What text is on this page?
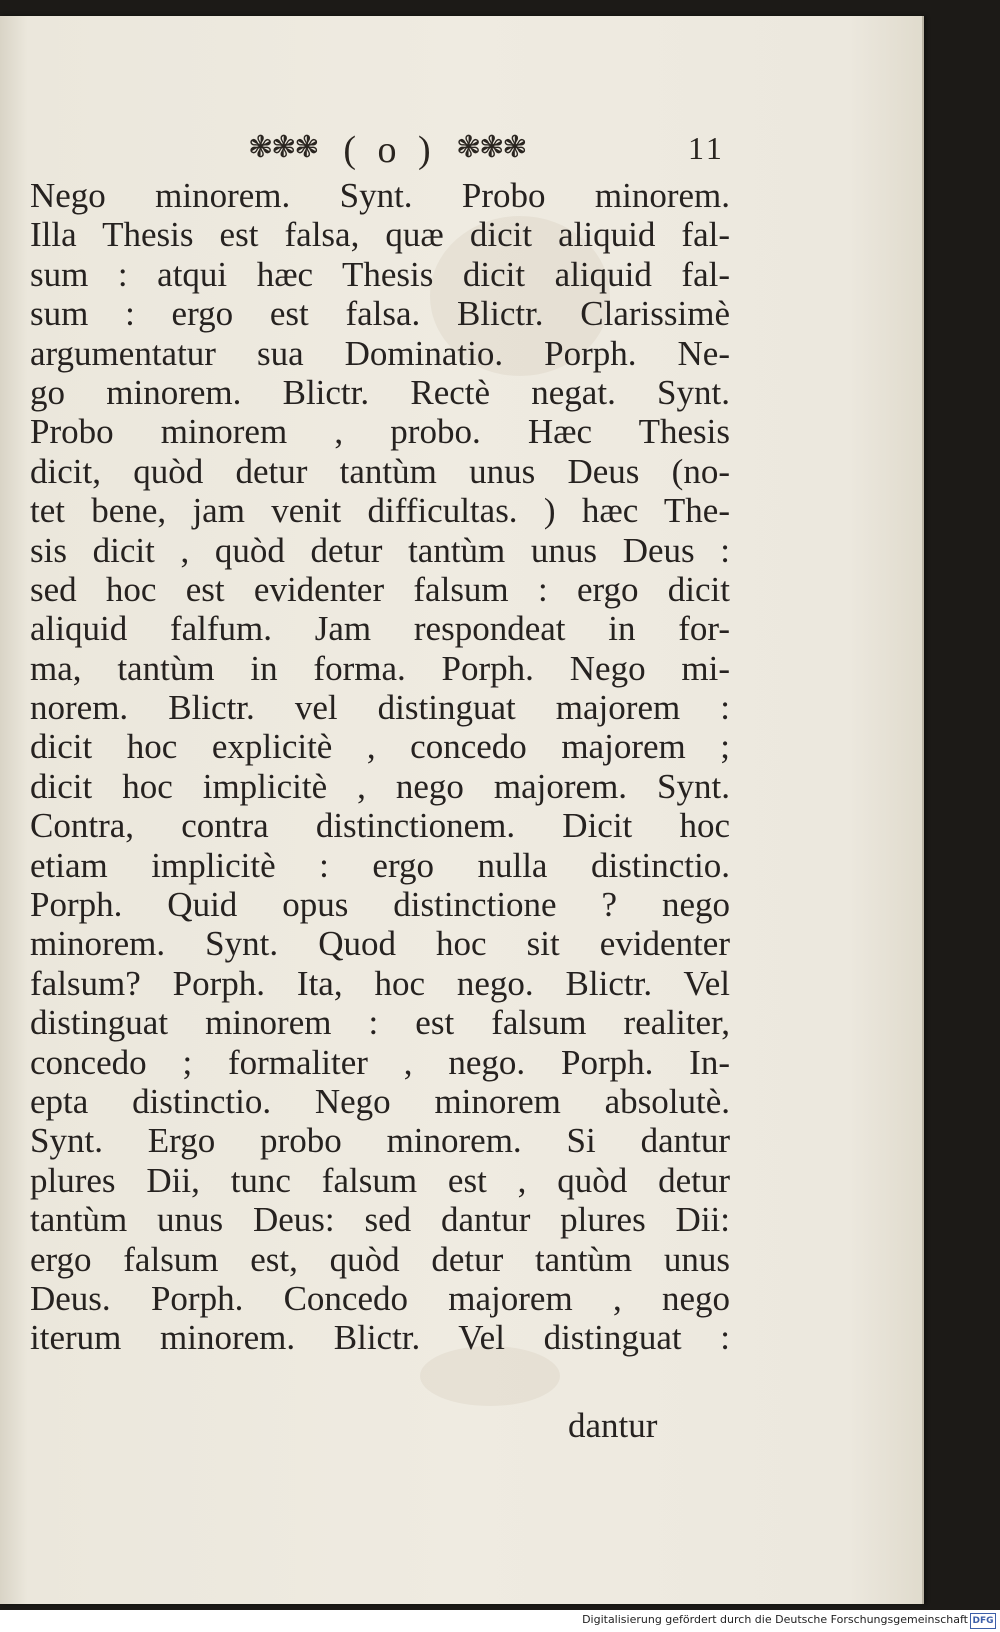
❃❃❃ ( o ) ❃❃❃	11
Nego minorem. Synt. Probo minorem.
Illa Thesis est falsa, quæ dicit aliquid fal-
sum : atqui hæc Thesis dicit aliquid fal-
sum : ergo est falsa. Blictr. Clarissimè
argumentatur sua Dominatio. Porph. Ne-
go minorem. Blictr. Rectè negat. Synt.
Probo minorem , probo. Hæc Thesis
dicit, quòd detur tantùm unus Deus (no-
tet bene, jam venit difficultas. ) hæc The-
sis dicit , quòd detur tantùm unus Deus :
sed hoc est evidenter falsum : ergo dicit
aliquid falfum. Jam respondeat in for-
ma, tantùm in forma. Porph. Nego mi-
norem. Blictr. vel distinguat majorem :
dicit hoc explicitè , concedo majorem ;
dicit hoc implicitè , nego majorem. Synt.
Contra, contra distinctionem. Dicit hoc
etiam implicitè : ergo nulla distinctio.
Porph. Quid opus distinctione ? nego
minorem. Synt. Quod hoc sit evidenter
falsum? Porph. Ita, hoc nego. Blictr. Vel
distinguat minorem : est falsum realiter,
concedo ; formaliter , nego. Porph. In-
epta distinctio. Nego minorem absolutè.
Synt. Ergo probo minorem. Si dantur
plures Dii, tunc falsum est , quòd detur
tantùm unus Deus: sed dantur plures Dii:
ergo falsum est, quòd detur tantùm unus
Deus. Porph. Concedo majorem , nego
iterum minorem. Blictr. Vel distinguat :
dantur
Digitalisierung gefördert durch die Deutsche Forschungsgemeinschaft DFG
